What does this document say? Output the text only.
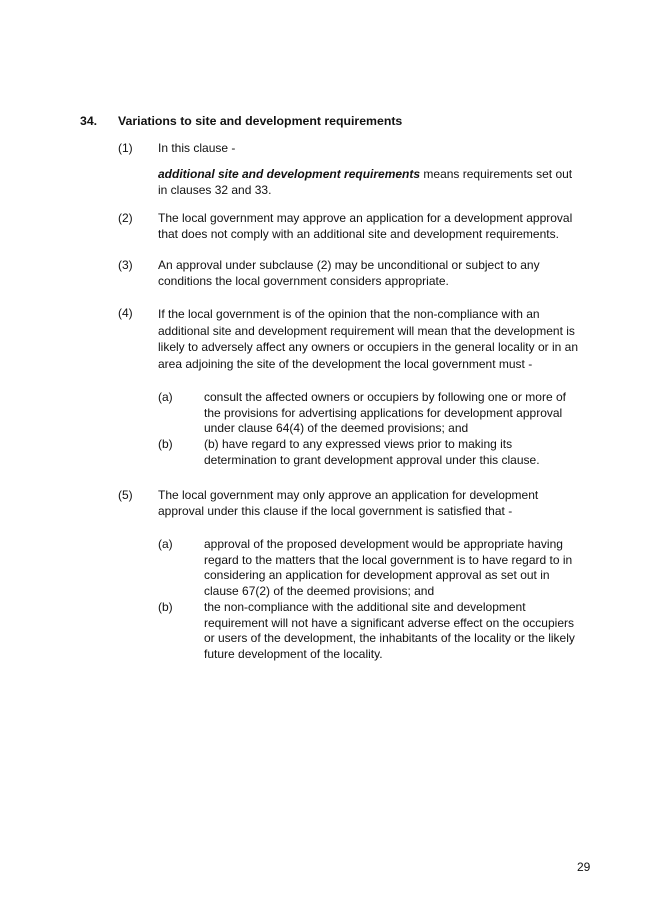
34. Variations to site and development requirements
(1) In this clause -
additional site and development requirements means requirements set out in clauses 32 and 33.
(2) The local government may approve an application for a development approval that does not comply with an additional site and development requirements.
(3) An approval under subclause (2) may be unconditional or subject to any conditions the local government considers appropriate.
(4) If the local government is of the opinion that the non-compliance with an additional site and development requirement will mean that the development is likely to adversely affect any owners or occupiers in the general locality or in an area adjoining the site of the development the local government must -
(a)	consult the affected owners or occupiers by following one or more of the provisions for advertising applications for development approval under clause 64(4) of the deemed provisions; and
(b)	(b) have regard to any expressed views prior to making its determination to grant development approval under this clause.
(5) The local government may only approve an application for development approval under this clause if the local government is satisfied that -
(a)	approval of the proposed development would be appropriate having regard to the matters that the local government is to have regard to in considering an application for development approval as set out in clause 67(2) of the deemed provisions; and
(b)	the non-compliance with the additional site and development requirement will not have a significant adverse effect on the occupiers or users of the development, the inhabitants of the locality or the likely future development of the locality.
29
